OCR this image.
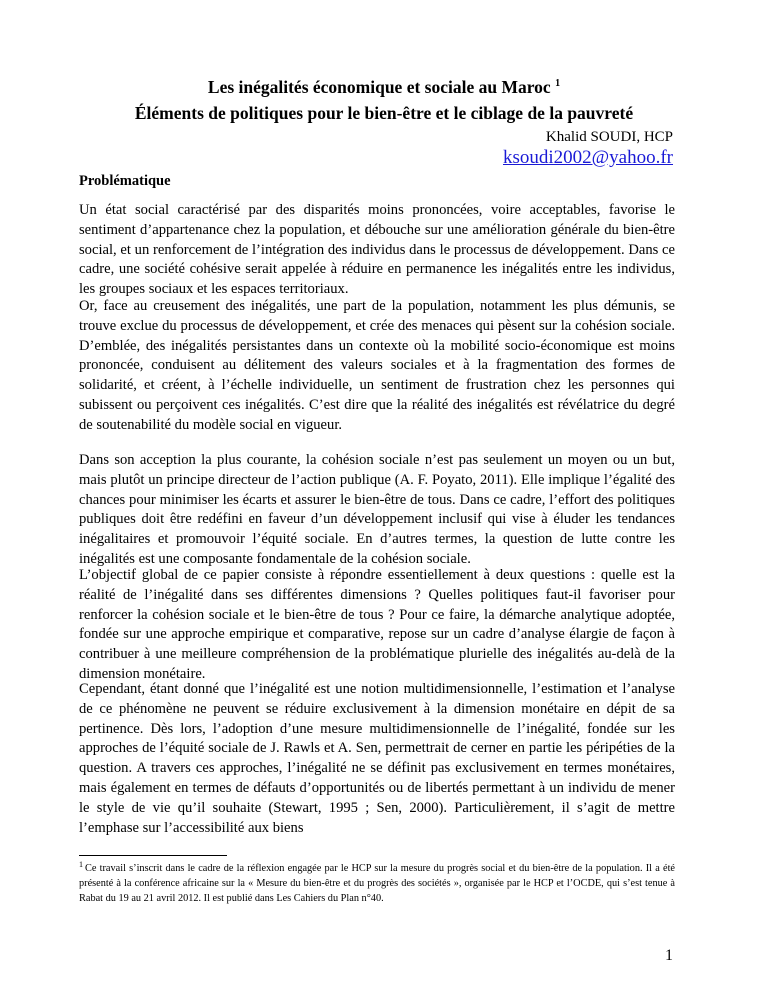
Les inégalités économique et sociale au Maroc $^1$
Éléments de politiques pour le bien-être et le ciblage de la pauvreté
Khalid SOUDI, HCP
ksoudi2002@yahoo.fr
Problématique

Un état social caractérisé par des disparités moins prononcées, voire acceptables, favorise le sentiment d’appartenance chez la population, et débouche sur une amélioration générale du bien-être social, et un renforcement de l’intégration des individus dans le processus de développement. Dans ce cadre, une société cohésive serait appelée à réduire en permanence les inégalités entre les individus, les groupes sociaux et les espaces territoriaux.

Or, face au creusement des inégalités, une part de la population, notamment les plus démunis, se trouve exclue du processus de développement, et crée des menaces qui pèsent sur la cohésion sociale. D’emblée, des inégalités persistantes dans un contexte où la mobilité socio-économique est moins prononcée, conduisent au délitement des valeurs sociales et à la fragmentation des formes de solidarité, et créent, à l’échelle individuelle, un sentiment de frustration chez les personnes qui subissent ou perçoivent ces inégalités. C’est dire que la réalité des inégalités est révélatrice du degré de soutenabilité du modèle social en vigueur.

Dans son acception la plus courante, la cohésion sociale n’est pas seulement un moyen ou un but, mais plutôt un principe directeur de l’action publique (A. F. Poyato, 2011). Elle implique l’égalité des chances pour minimiser les écarts et assurer le bien-être de tous. Dans ce cadre, l’effort des politiques publiques doit être redéfini en faveur d’un développement inclusif qui vise à éluder les tendances inégalitaires et promouvoir l’équité sociale. En d’autres termes, la question de lutte contre les inégalités est une composante fondamentale de la cohésion sociale.

L’objectif global de ce papier consiste à répondre essentiellement à deux questions : quelle est la réalité de l’inégalité dans ses différentes dimensions ? Quelles politiques faut-il favoriser pour renforcer la cohésion sociale et le bien-être de tous ? Pour ce faire, la démarche analytique adoptée, fondée sur une approche empirique et comparative, repose sur un cadre d’analyse élargie de façon à contribuer à une meilleure compréhension de la problématique plurielle des inégalités au-delà de la dimension monétaire.

Cependant, étant donné que l’inégalité est une notion multidimensionnelle, l’estimation et l’analyse de ce phénomène ne peuvent se réduire exclusivement à la dimension monétaire en dépit de sa pertinence. Dès lors, l’adoption d’une mesure multidimensionnelle de l’inégalité, fondée sur les approches de l’équité sociale de J. Rawls et A. Sen, permettrait de cerner en partie les péripéties de la question. A travers ces approches, l’inégalité ne se définit pas exclusivement en termes monétaires, mais également en termes de défauts d’opportunités ou de libertés permettant à un individu de mener le style de vie qu’il souhaite (Stewart, 1995 ; Sen, 2000). Particulièrement, il s’agit de mettre l’emphase sur l’accessibilité aux biens

$^1$ Ce travail s’inscrit dans le cadre de la réflexion engagée par le HCP sur la mesure du progrès social et du bien-être de la population. Il a été présenté à la conférence africaine sur la « Mesure du bien-être et du progrès des sociétés », organisée par le HCP et l’OCDE, qui s’est tenue à Rabat du 19 au 21 avril 2012. Il est publié dans Les Cahiers du Plan n°40.
1
